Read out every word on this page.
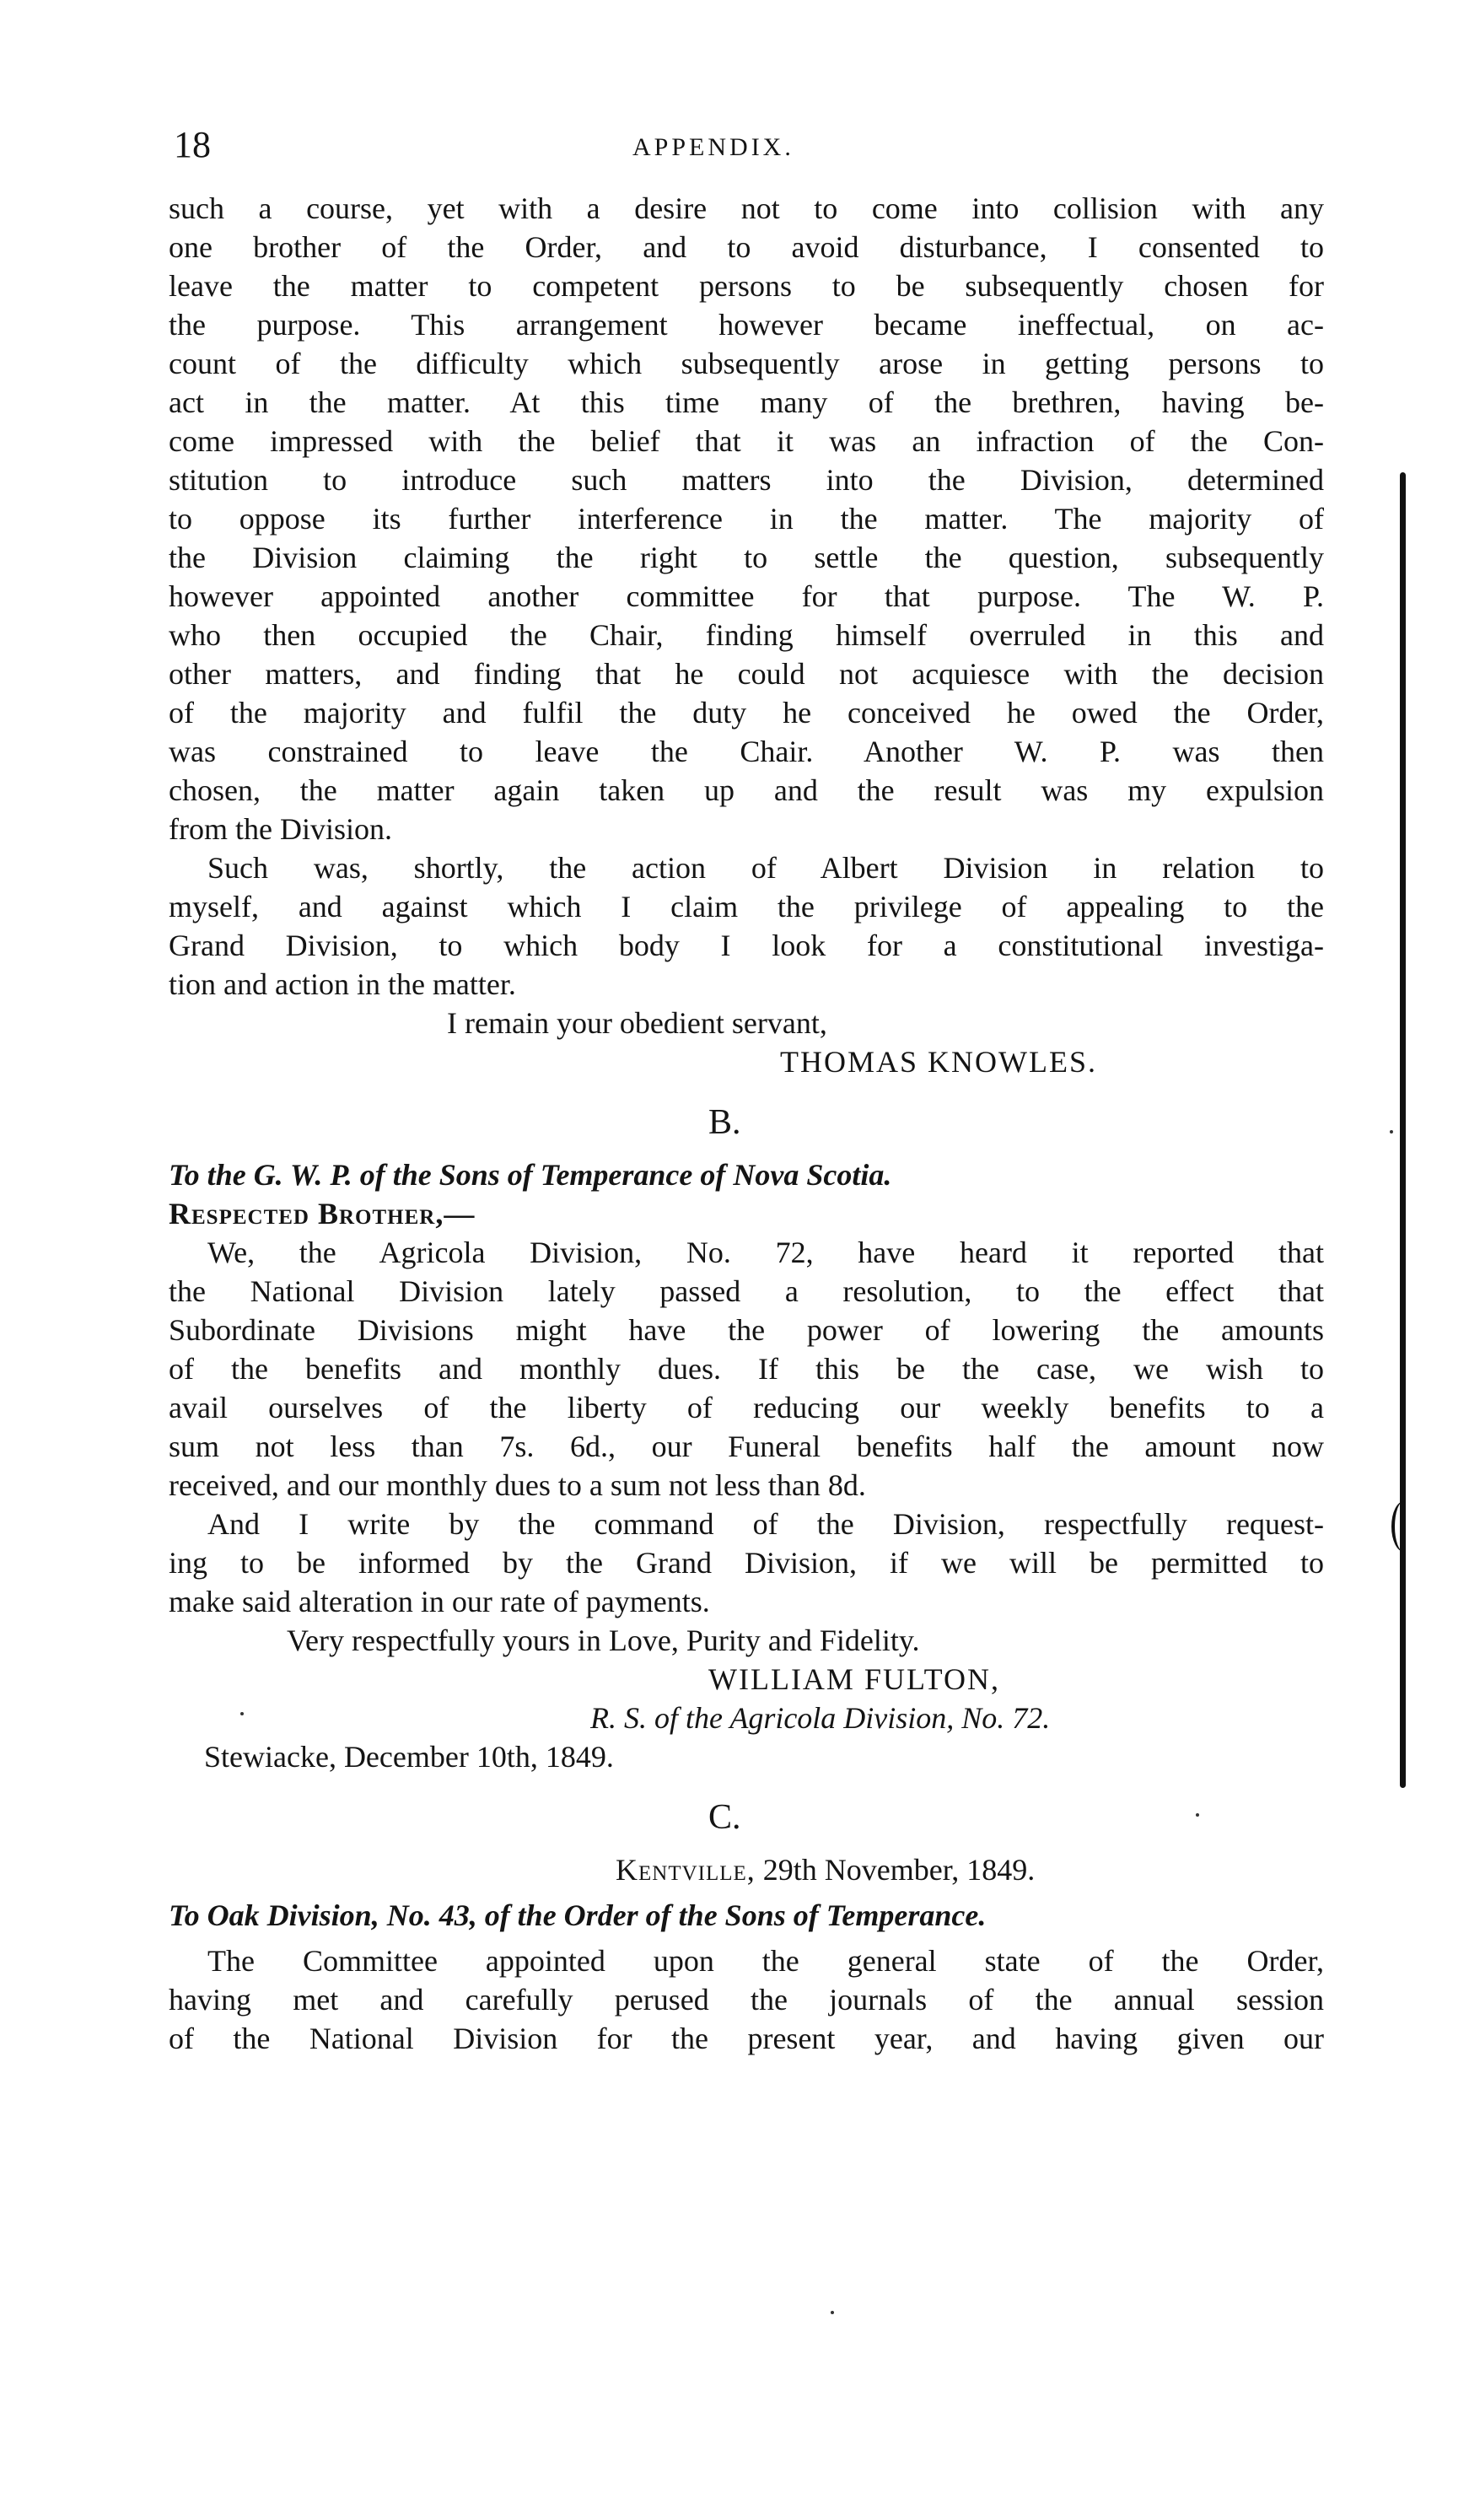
18	APPENDIX.
such a course, yet with a desire not to come into collision with any
one brother of the Order, and to avoid disturbance, I consented to
leave the matter to competent persons to be subsequently chosen for
the purpose. This arrangement however became ineffectual, on ac-
count of the difficulty which subsequently arose in getting persons to
act in the matter. At this time many of the brethren, having be-
come impressed with the belief that it was an infraction of the Con-
stitution to introduce such matters into the Division, determined
to oppose its further interference in the matter. The majority of
the Division claiming the right to settle the question, subsequently
however appointed another committee for that purpose. The W. P.
who then occupied the Chair, finding himself overruled in this and
other matters, and finding that he could not acquiesce with the decision
of the majority and fulfil the duty he conceived he owed the Order,
was constrained to leave the Chair. Another W. P. was then
chosen, the matter again taken up and the result was my expulsion
from the Division.
Such was, shortly, the action of Albert Division in relation to
myself, and against which I claim the privilege of appealing to the
Grand Division, to which body I look for a constitutional investiga-
tion and action in the matter.
I remain your obedient servant,
THOMAS KNOWLES.
B.
To the G. W. P. of the Sons of Temperance of Nova Scotia.
Respected Brother,—
We, the Agricola Division, No. 72, have heard it reported that
the National Division lately passed a resolution, to the effect that
Subordinate Divisions might have the power of lowering the amounts
of the benefits and monthly dues. If this be the case, we wish to
avail ourselves of the liberty of reducing our weekly benefits to a
sum not less than 7s. 6d., our Funeral benefits half the amount now
received, and our monthly dues to a sum not less than 8d.
And I write by the command of the Division, respectfully request-
ing to be informed by the Grand Division, if we will be permitted to
make said alteration in our rate of payments.
Very respectfully yours in Love, Purity and Fidelity.
WILLIAM FULTON,
R. S. of the Agricola Division, No. 72.
Stewiacke, December 10th, 1849.
C.
Kentville, 29th November, 1849.
To Oak Division, No. 43, of the Order of the Sons of Temperance.
The Committee appointed upon the general state of the Order,
having met and carefully perused the journals of the annual session
of the National Division for the present year, and having given our
